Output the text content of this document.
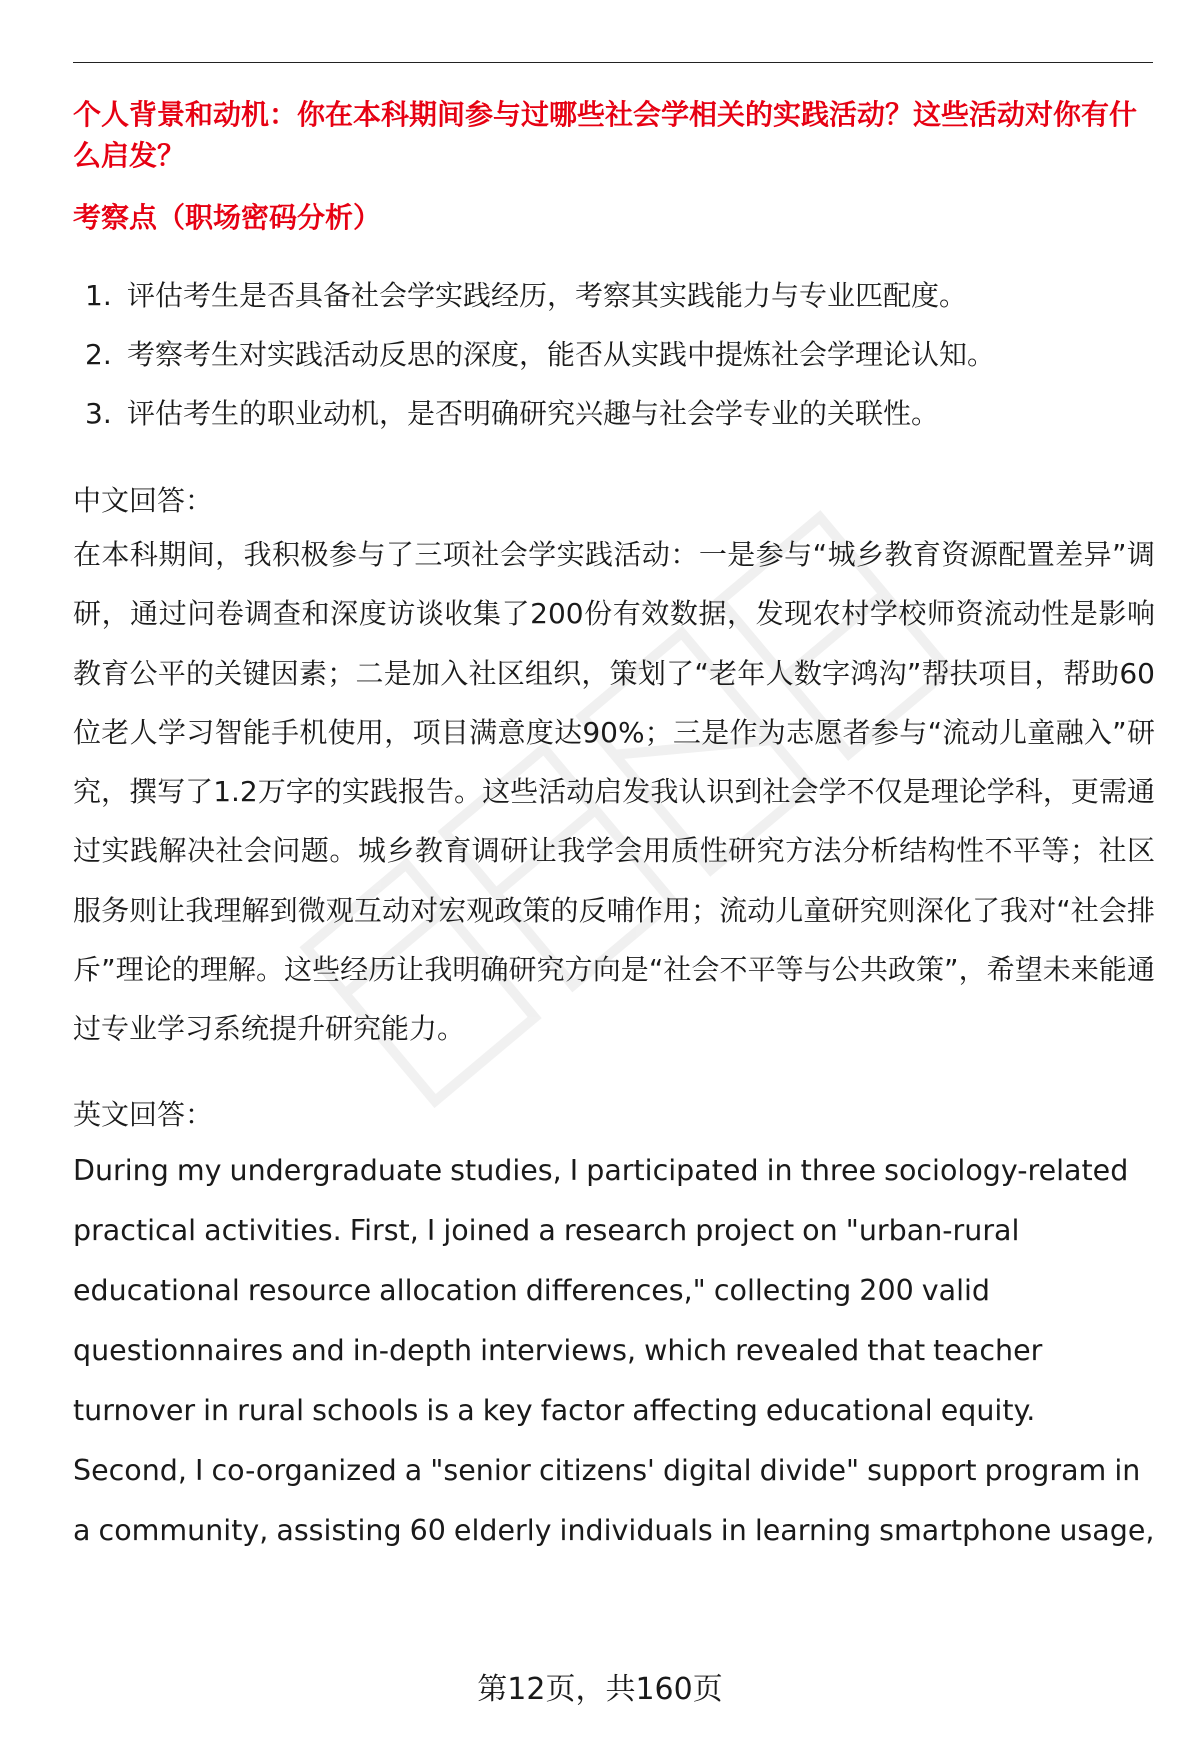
个人背景和动机：你在本科期间参与过哪些社会学相关的实践活动？这些活动对你有什么启发？

考察点（职场密码分析）

1. 评估考生是否具备社会学实践经历，考察其实践能力与专业匹配度。
2. 考察考生对实践活动反思的深度，能否从实践中提炼社会学理论认知。
3. 评估考生的职业动机，是否明确研究兴趣与社会学专业的关联性。

中文回答：

在本科期间，我积极参与了三项社会学实践活动：一是参与“城乡教育资源配置差异”调研，通过问卷调查和深度访谈收集了200份有效数据，发现农村学校师资流动性是影响教育公平的关键因素；二是加入社区组织，策划了“老年人数字鸿沟”帮扶项目，帮助60位老人学习智能手机使用，项目满意度达90%；三是作为志愿者参与“流动儿童融入”研究，撰写了1.2万字的实践报告。这些活动启发我认识到社会学不仅是理论学科，更需通过实践解决社会问题。城乡教育调研让我学会用质性研究方法分析结构性不平等；社区服务则让我理解到微观互动对宏观政策的反哺作用；流动儿童研究则深化了我对“社会排斥”理论的理解。这些经历让我明确研究方向是“社会不平等与公共政策”，希望未来能通过专业学习系统提升研究能力。

英文回答：

During my undergraduate studies, I participated in three sociology-related practical activities. First, I joined a research project on "urban-rural educational resource allocation differences," collecting 200 valid questionnaires and in-depth interviews, which revealed that teacher turnover in rural schools is a key factor affecting educational equity. Second, I co-organized a "senior citizens' digital divide" support program in a community, assisting 60 elderly individuals in learning smartphone usage,

第12页，共160页
